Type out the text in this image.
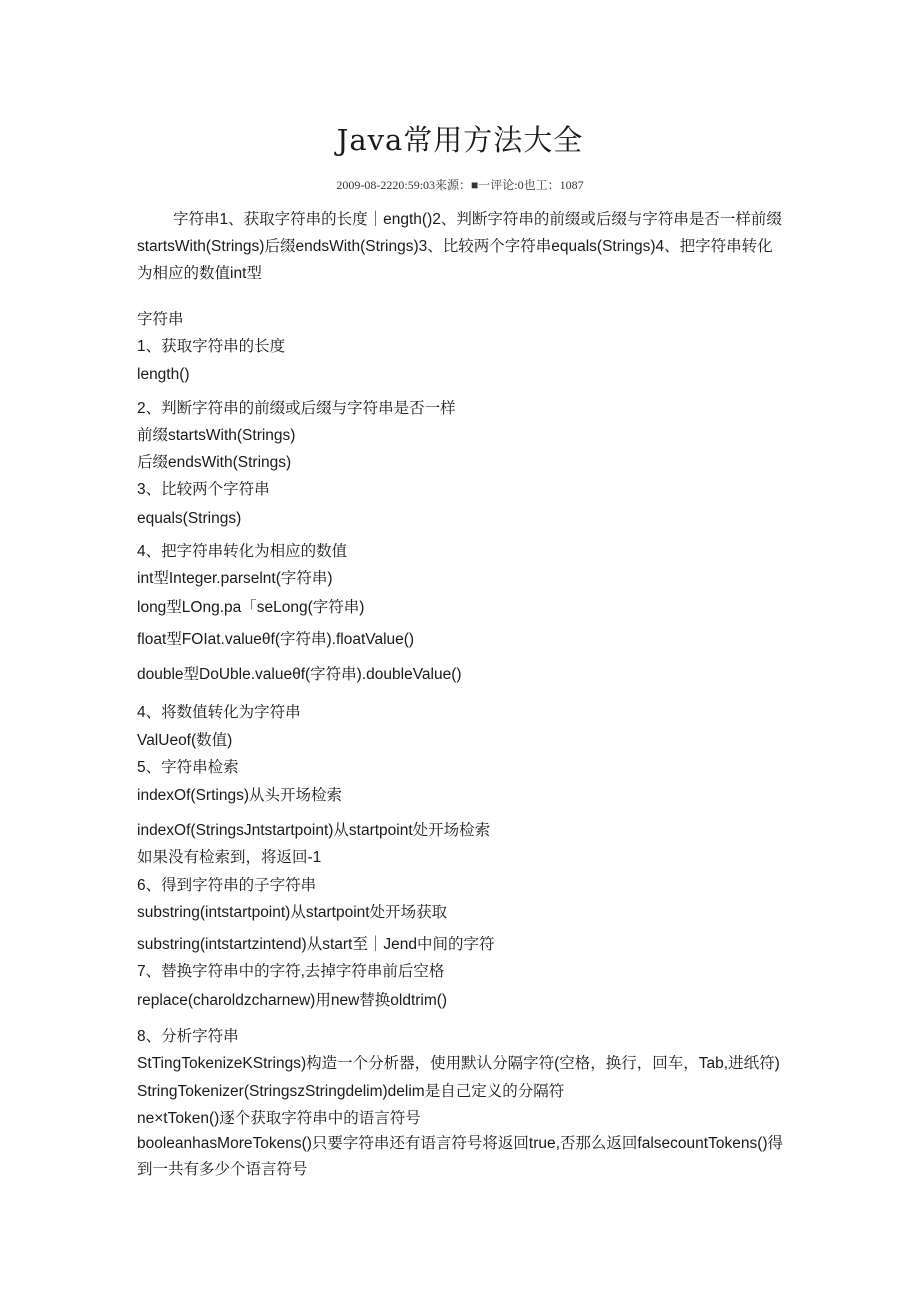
Java常用方法大全
2009-08-2220:59:03来源：■一评论:0也工：1087
字符串1、获取字符串的长度｜ength()2、判断字符串的前缀或后缀与字符串是否一样前缀startsWith(Strings)后缀endsWith(Strings)3、比较两个字符串equals(Strings)4、把字符串转化为相应的数值int型
字符串
1、获取字符串的长度
length()
2、判断字符串的前缀或后缀与字符串是否一样
前缀startsWith(Strings)
后缀endsWith(Strings)
3、比较两个字符串
equals(Strings)
4、把字符串转化为相应的数值
int型Integer.parselnt(字符串)
long型LOng.pa「seLong(字符串)
float型FOIat.valueθf(字符串).floatValue()
double型DoUble.valueθf(字符串).doubleValue()
4、将数值转化为字符串
ValUeof(数值)
5、字符串检索
indexOf(Srtings)从头开场检索
indexOf(StringsJntstartpoint)从startpoint处开场检索
如果没有检索到，将返回-1
6、得到字符串的子字符串
substring(intstartpoint)从startpoint处开场获取
substring(intstartzintend)从start至｜Jend中间的字符
7、替换字符串中的字符,去掉字符串前后空格
replace(charoldzcharnew)用new替换oldtrim()
8、分析字符串
StTingTokenizeKStrings)构造一个分析器，使用默认分隔字符(空格，换行，回车，Tab,进纸符)
StringTokenizer(StringszStringdelim)delim是自己定义的分隔符
ne×tToken()逐个获取字符串中的语言符号
booleanhasMoreTokens()只要字符串还有语言符号将返回true,否那么返回falsecountTokens()得到一共有多少个语言符号
